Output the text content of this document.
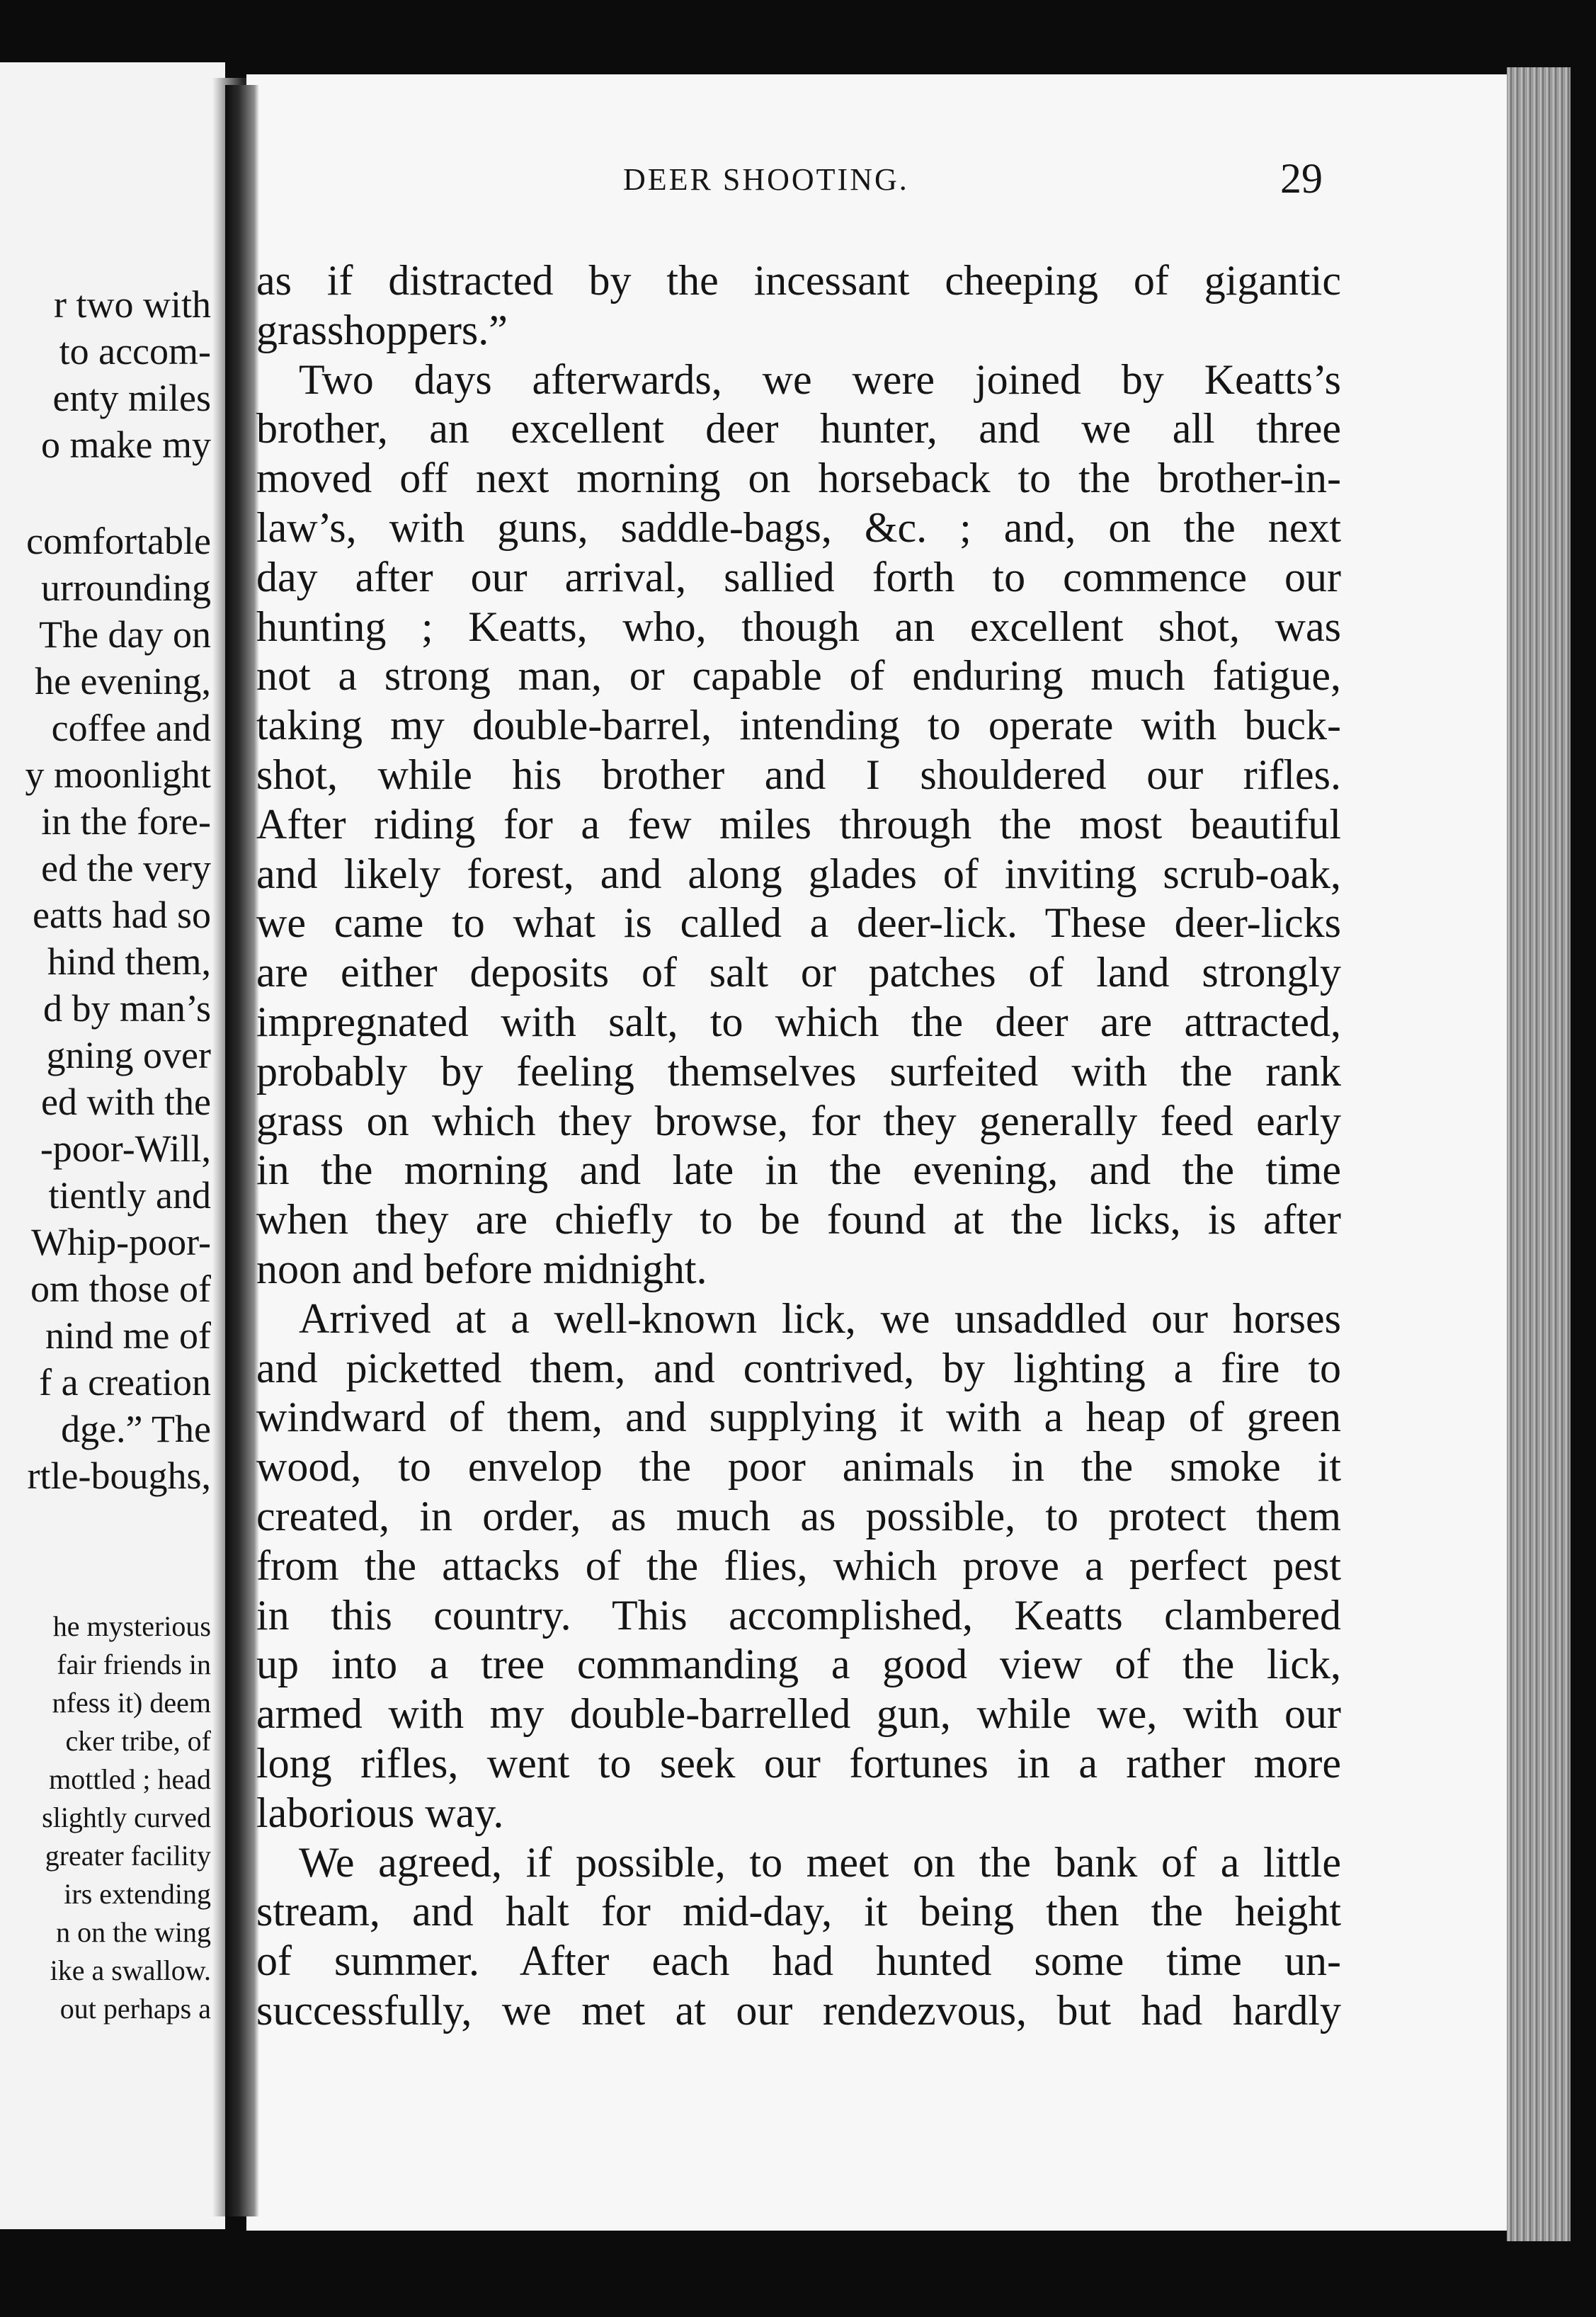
r two with
to accom-
enty miles
o make my
comfortable
urrounding
The day on
he evening,
coffee and
y moonlight
in the fore-
ed the very
eatts had so
hind them,
d by man’s
gning over
ed with the
-poor-Will,
tiently and
Whip-poor-
om those of
nind me of
f a creation
dge.” The
rtle-boughs,
he mysterious
fair friends in
nfess it) deem
cker tribe, of
mottled ; head
slightly curved
greater facility
irs extending
n on the wing
ike a swallow.
out perhaps a
DEER SHOOTING.	29
as if distracted by the incessant cheeping of gigantic
grasshoppers.”
Two days afterwards, we were joined by Keatts’s
brother, an excellent deer hunter, and we all three
moved off next morning on horseback to the brother-in-
law’s, with guns, saddle-bags, &c. ; and, on the next
day after our arrival, sallied forth to commence our
hunting ; Keatts, who, though an excellent shot, was
not a strong man, or capable of enduring much fatigue,
taking my double-barrel, intending to operate with buck-
shot, while his brother and I shouldered our rifles.
After riding for a few miles through the most beautiful
and likely forest, and along glades of inviting scrub-oak,
we came to what is called a deer-lick. These deer-licks
are either deposits of salt or patches of land strongly
impregnated with salt, to which the deer are attracted,
probably by feeling themselves surfeited with the rank
grass on which they browse, for they generally feed early
in the morning and late in the evening, and the time
when they are chiefly to be found at the licks, is after
noon and before midnight.
Arrived at a well-known lick, we unsaddled our horses
and picketted them, and contrived, by lighting a fire to
windward of them, and supplying it with a heap of green
wood, to envelop the poor animals in the smoke it
created, in order, as much as possible, to protect them
from the attacks of the flies, which prove a perfect pest
in this country. This accomplished, Keatts clambered
up into a tree commanding a good view of the lick,
armed with my double-barrelled gun, while we, with our
long rifles, went to seek our fortunes in a rather more
laborious way.
We agreed, if possible, to meet on the bank of a little
stream, and halt for mid-day, it being then the height
of summer. After each had hunted some time un-
successfully, we met at our rendezvous, but had hardly
